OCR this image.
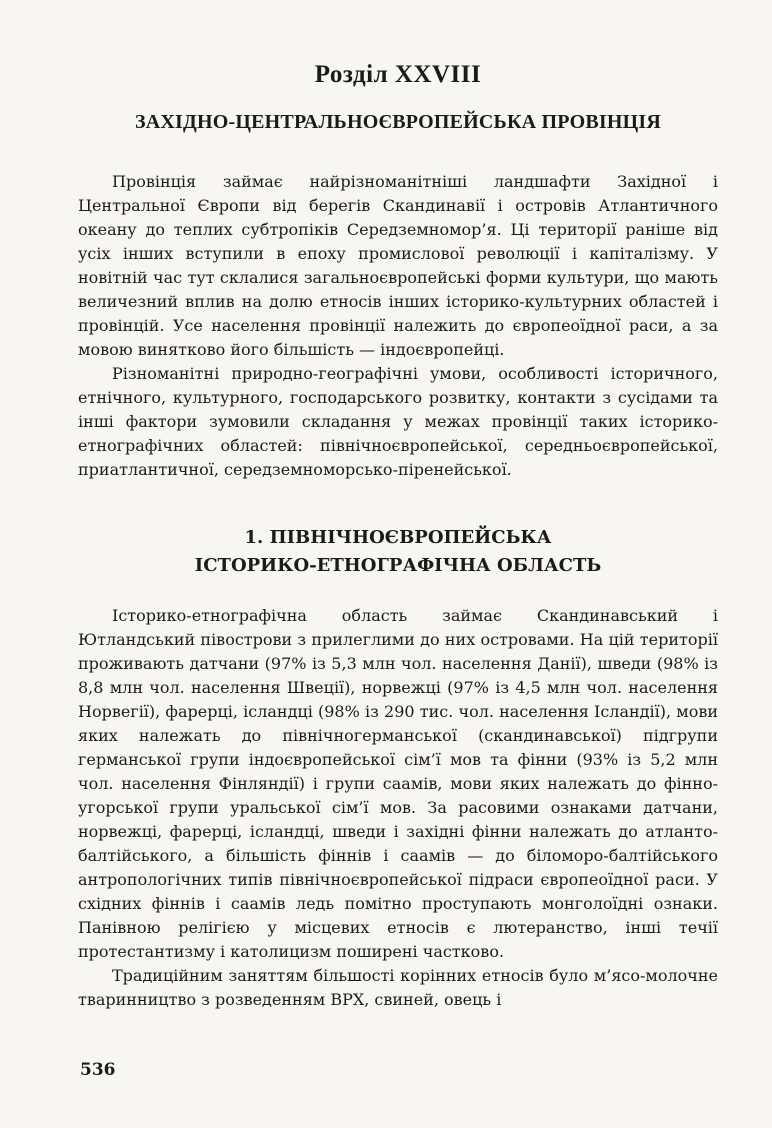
Розділ XXVIII
ЗАХІДНО-ЦЕНТРАЛЬНОЄВРОПЕЙСЬКА ПРОВІНЦІЯ

Провінція займає найрізноманітніші ландшафти Західної і Центральної Європи від берегів Скандинавії і островів Атлантичного океану до теплих субтропіків Середземномор’я. Ці території раніше від усіх інших вступили в епоху промислової революції і капіталізму. У новітній час тут склалися загальноєвропейські форми культури, що мають величезний вплив на долю етносів інших історико-культурних областей і провінцій. Усе населення провінції належить до європеоїдної раси, а за мовою винятково його більшість — індоєвропейці.

Різноманітні природно-географічні умови, особливості історичного, етнічного, культурного, господарського розвитку, контакти з сусідами та інші фактори зумовили складання у межах провінції таких історико-етнографічних областей: північноєвропейської, середньоєвропейської, приатлантичної, середземноморсько-піренейської.

1. ПІВНІЧНОЄВРОПЕЙСЬКА
ІСТОРИКО-ЕТНОГРАФІЧНА ОБЛАСТЬ

Історико-етнографічна область займає Скандинавський і Ютландський півострови з прилеглими до них островами. На цій території проживають датчани (97% із 5,3 млн чол. населення Данії), шведи (98% із 8,8 млн чол. населення Швеції), норвежці (97% із 4,5 млн чол. населення Норвегії), фарерці, ісландці (98% із 290 тис. чол. населення Ісландії), мови яких належать до північногерманської (скандинавської) підгрупи германської групи індоєвропейської сім’ї мов та фінни (93% із 5,2 млн чол. населення Фінляндії) і групи саамів, мови яких належать до фінно-угорської групи уральської сім’ї мов. За расовими ознаками датчани, норвежці, фарерці, ісландці, шведи і західні фінни належать до атланто-балтійського, а більшість фіннів і саамів — до біломоро-балтійського антропологічних типів північноєвропейської підраси європеоїдної раси. У східних фіннів і саамів ледь помітно проступають монголоїдні ознаки. Панівною релігією у місцевих етносів є лютеранство, інші течії протестантизму і католицизм поширені частково.

Традиційним заняттям більшості корінних етносів було м’ясо-молочне тваринництво з розведенням ВРХ, свиней, овець і

536
